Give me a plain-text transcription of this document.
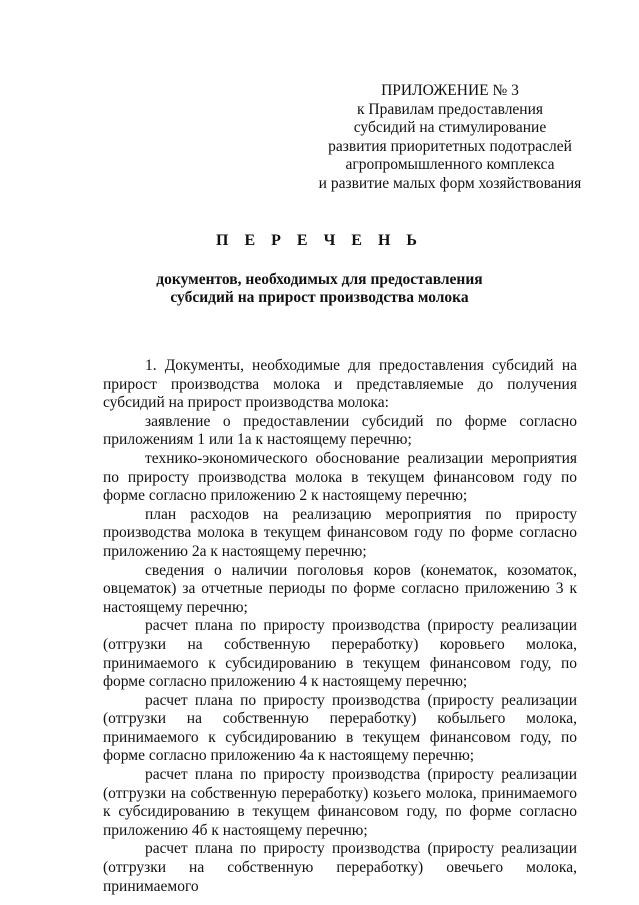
ПРИЛОЖЕНИЕ № 3
к Правилам предоставления
субсидий на стимулирование
развития приоритетных подотраслей
агропромышленного комплекса
и развитие малых форм хозяйствования
П Е Р Е Ч Е Н Ь
документов, необходимых для предоставления
субсидий на прирост производства молока

1. Документы, необходимые для предоставления субсидий на прирост производства молока и представляемые до получения субсидий на прирост производства молока:

заявление о предоставлении субсидий по форме согласно приложениям 1 или 1а к настоящему перечню;

технико-экономического обоснование реализации мероприятия по приросту производства молока в текущем финансовом году по форме согласно приложению 2 к настоящему перечню;

план расходов на реализацию мероприятия по приросту производства молока в текущем финансовом году по форме согласно приложению 2а к настоящему перечню;

сведения о наличии поголовья коров (конематок, козоматок, овцематок) за отчетные периоды по форме согласно приложению 3 к настоящему перечню;

расчет плана по приросту производства (приросту реализации (отгрузки на собственную переработку) коровьего молока, принимаемого к субсидированию в текущем финансовом году, по форме согласно приложению 4 к настоящему перечню;

расчет плана по приросту производства (приросту реализации (отгрузки на собственную переработку) кобыльего молока, принимаемого к субсидированию в текущем финансовом году, по форме согласно приложению 4а к настоящему перечню;

расчет плана по приросту производства (приросту реализации (отгрузки на собственную переработку) козьего молока, принимаемого к субсидированию в текущем финансовом году, по форме согласно приложению 4б к настоящему перечню;

расчет плана по приросту производства (приросту реализации (отгрузки на собственную переработку) овечьего молока, принимаемого
